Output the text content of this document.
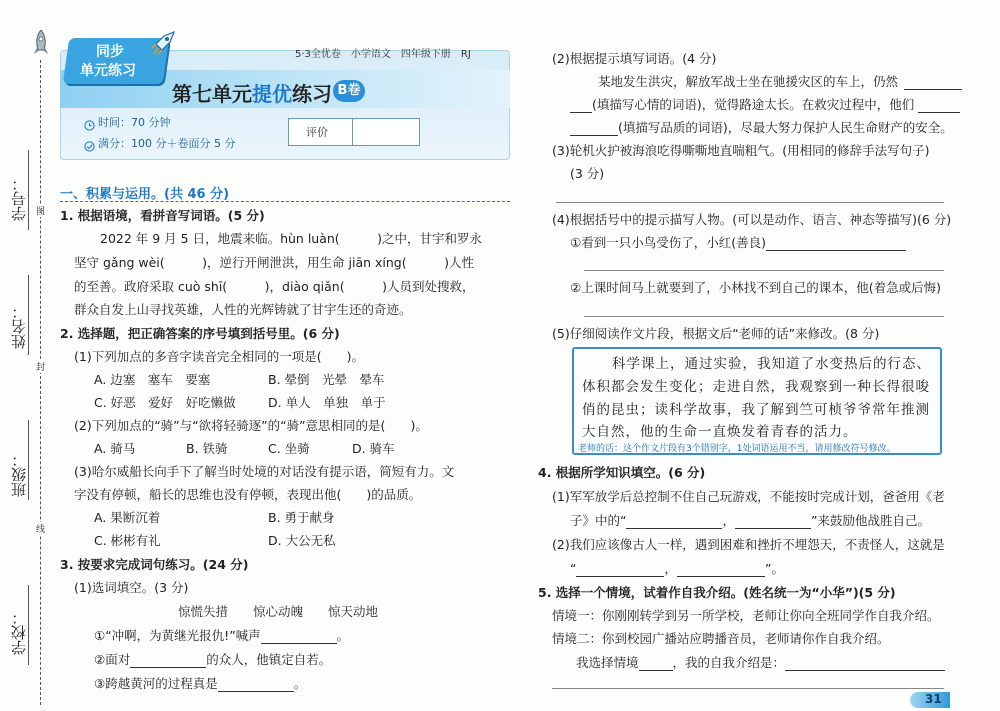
图
封
线
学号：
姓名：
班级：
学校：
同步
单元练习
5·3全优卷　小学语文　四年级下册　RJ
第七单元提优练习 B卷
时间：70 分钟
满分：100 分＋卷面分 5 分
评价
一、积累与运用。(共 46 分)
1. 根据语境，看拼音写词语。(5 分)
2022 年 9 月 5 日，地震来临。hùn luàn(　　　)之中，甘宇和罗永
坚守 gǎng wèi(　　　)，逆行开闸泄洪，用生命 jiān xíng(　　　)人性
的至善。政府采取 cuò shī(　　　)，diào qiǎn(　　　)人员到处搜救，
群众自发上山寻找英雄，人性的光辉铸就了甘宇生还的奇迹。
2. 选择题，把正确答案的序号填到括号里。(6 分)
(1)下列加点的多音字读音完全相同的一项是(　　)。
A. 边塞　塞车　要塞	B. 晕倒　光晕　晕车
C. 好恶　爱好　好吃懒做	D. 单人　单独　单于
(2)下列加点的“骑”与“欲将轻骑逐”的“骑”意思相同的是(　　)。
A. 骑马	B. 铁骑	C. 坐骑	D. 骑车
(3)哈尔威船长向手下了解当时处境的对话没有提示语，简短有力。文
字没有停顿，船长的思维也没有停顿，表现出他(　　)的品质。
A. 果断沉着	B. 勇于献身
C. 彬彬有礼	D. 大公无私
3. 按要求完成词句练习。(24 分)
(1)选词填空。(3 分)
惊慌失措　　惊心动魄　　惊天动地
①“冲啊，为黄继光报仇!”喊声	。
②面对	的众人，他镇定自若。
③跨越黄河的过程真是	。
(2)根据提示填写词语。(4 分)
某地发生洪灾，解放军战士坐在驰援灾区的车上，仍然
(填描写心情的词语)，觉得路途太长。在救灾过程中，他们
(填描写品质的词语)，尽最大努力保护人民生命财产的安全。
(3)轮机火护被海浪吃得嘶嘶地直喘粗气。(用相同的修辞手法写句子)
(3 分)
(4)根据括号中的提示描写人物。(可以是动作、语言、神态等描写)(6 分)
①看到一只小鸟受伤了，小红(善良)
②上课时间马上就要到了，小林找不到自己的课本，他(着急或后悔)
(5)仔细阅读作文片段，根据文后“老师的话”来修改。(8 分)
科学课上，通过实验，我知道了水变热后的行态、
体积都会发生变化；走进自然，我观察到一种长得很唆
俏的昆虫；读科学故事，我了解到竺可桢爷爷常年推测
大自然，他的生命一直焕发着青春的活力。
老师的话：这个作文片段有3个错别字，1处词语运用不当，请用修改符号修改。
4. 根据所学知识填空。(6 分)
(1)军军放学后总控制不住自己玩游戏，不能按时完成计划，爸爸用《老
子》中的“	，	”来鼓励他战胜自己。
(2)我们应该像古人一样，遇到困难和挫折不埋怨天，不责怪人，这就是
“	，	”。
5. 选择一个情境，试着作自我介绍。(姓名统一为“小华”)(5 分)
情境一：你刚刚转学到另一所学校，老师让你向全班同学作自我介绍。
情境二：你到校园广播站应聘播音员，老师请你作自我介绍。
我选择情境	，我的自我介绍是：
31
